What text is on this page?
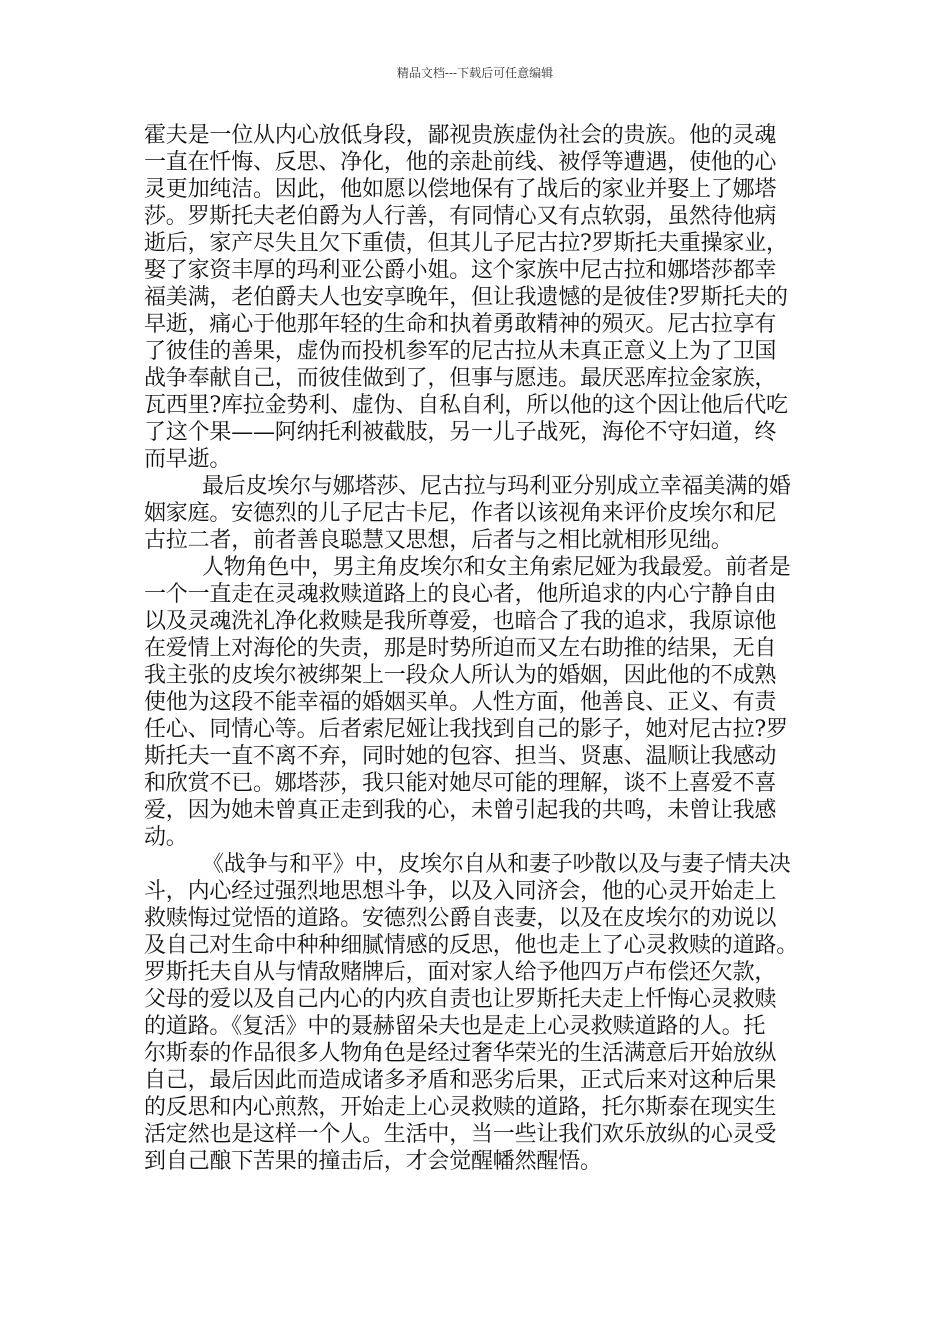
精品文档---下载后可任意编辑
霍夫是一位从内心放低身段，鄙视贵族虚伪社会的贵族。他的灵魂
一直在忏悔、反思、净化，他的亲赴前线、被俘等遭遇，使他的心
灵更加纯洁。因此，他如愿以偿地保有了战后的家业并娶上了娜塔
莎。罗斯托夫老伯爵为人行善，有同情心又有点软弱，虽然待他病
逝后，家产尽失且欠下重债，但其儿子尼古拉?罗斯托夫重操家业，
娶了家资丰厚的玛利亚公爵小姐。这个家族中尼古拉和娜塔莎都幸
福美满，老伯爵夫人也安享晚年，但让我遗憾的是彼佳?罗斯托夫的
早逝，痛心于他那年轻的生命和执着勇敢精神的殒灭。尼古拉享有
了彼佳的善果，虚伪而投机参军的尼古拉从未真正意义上为了卫国
战争奉献自己，而彼佳做到了，但事与愿违。最厌恶库拉金家族，
瓦西里?库拉金势利、虚伪、自私自利，所以他的这个因让他后代吃
了这个果——阿纳托利被截肢，另一儿子战死，海伦不守妇道，终
而早逝。
最后皮埃尔与娜塔莎、尼古拉与玛利亚分别成立幸福美满的婚
姻家庭。安德烈的儿子尼古卡尼，作者以该视角来评价皮埃尔和尼
古拉二者，前者善良聪慧又思想，后者与之相比就相形见绌。
人物角色中，男主角皮埃尔和女主角索尼娅为我最爱。前者是
一个一直走在灵魂救赎道路上的良心者，他所追求的内心宁静自由
以及灵魂洗礼净化救赎是我所尊爱，也暗合了我的追求，我原谅他
在爱情上对海伦的失责，那是时势所迫而又左右助推的结果，无自
我主张的皮埃尔被绑架上一段众人所认为的婚姻，因此他的不成熟
使他为这段不能幸福的婚姻买单。人性方面，他善良、正义、有责
任心、同情心等。后者索尼娅让我找到自己的影子，她对尼古拉?罗
斯托夫一直不离不弃，同时她的包容、担当、贤惠、温顺让我感动
和欣赏不已。娜塔莎，我只能对她尽可能的理解，谈不上喜爱不喜
爱，因为她未曾真正走到我的心，未曾引起我的共鸣，未曾让我感
动。
《战争与和平》中，皮埃尔自从和妻子吵散以及与妻子情夫决
斗，内心经过强烈地思想斗争，以及入同济会，他的心灵开始走上
救赎悔过觉悟的道路。安德烈公爵自丧妻，以及在皮埃尔的劝说以
及自己对生命中种种细腻情感的反思，他也走上了心灵救赎的道路。
罗斯托夫自从与情敌赌牌后，面对家人给予他四万卢布偿还欠款，
父母的爱以及自己内心的内疚自责也让罗斯托夫走上忏悔心灵救赎
的道路。《复活》中的聂赫留朵夫也是走上心灵救赎道路的人。托
尔斯泰的作品很多人物角色是经过奢华荣光的生活满意后开始放纵
自己，最后因此而造成诸多矛盾和恶劣后果，正式后来对这种后果
的反思和内心煎熬，开始走上心灵救赎的道路，托尔斯泰在现实生
活定然也是这样一个人。生活中，当一些让我们欢乐放纵的心灵受
到自己酿下苦果的撞击后，才会觉醒幡然醒悟。
